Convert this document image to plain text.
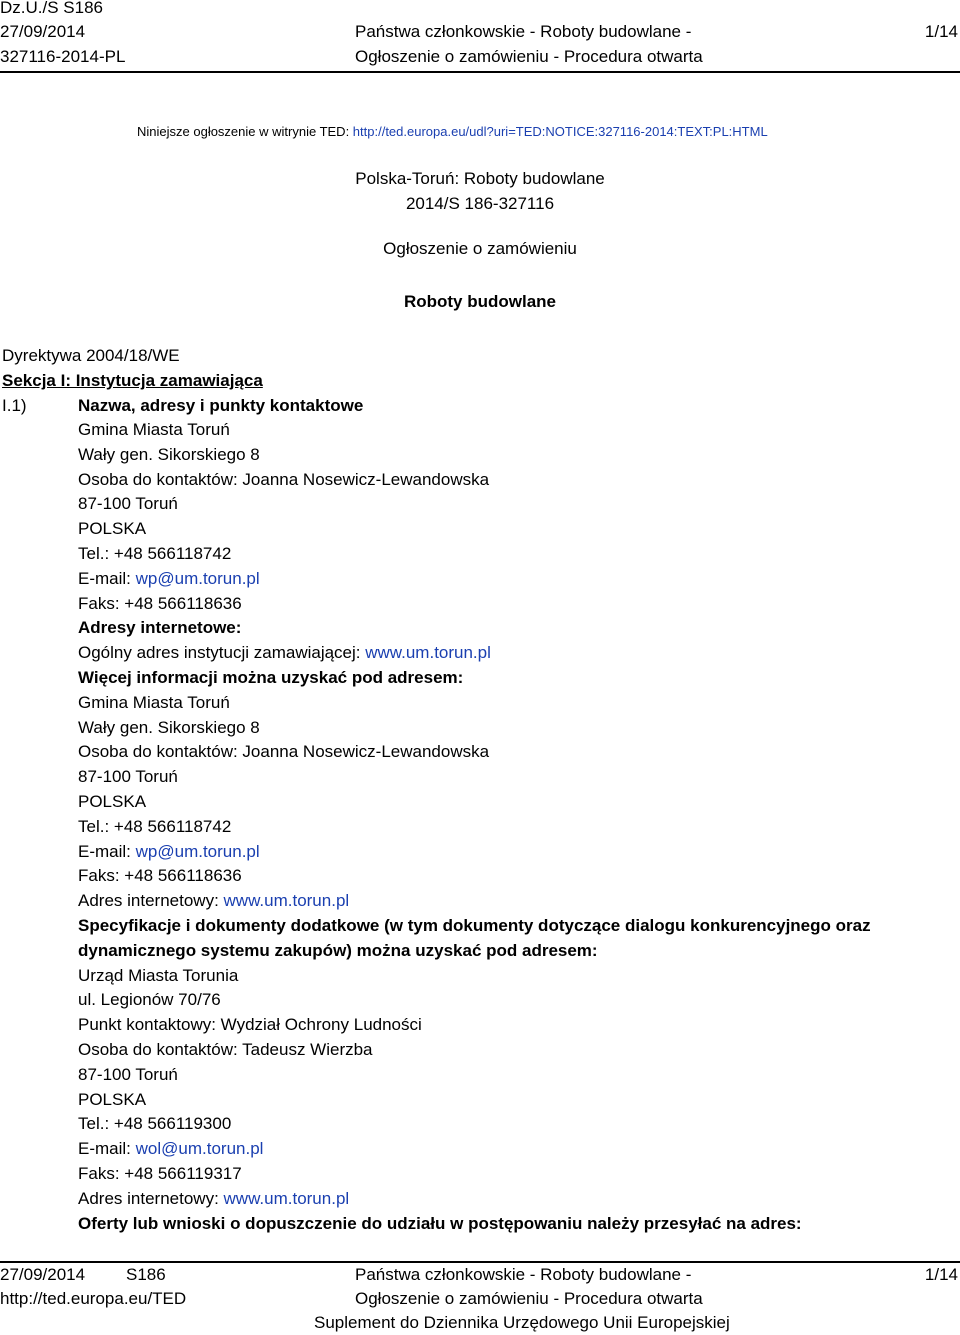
Dz.U./S S186
27/09/2014
327116-2014-PL
Państwa członkowskie - Roboty budowlane -
Ogłoszenie o zamówieniu - Procedura otwarta
1/14
Niniejsze ogłoszenie w witrynie TED: http://ted.europa.eu/udl?uri=TED:NOTICE:327116-2014:TEXT:PL:HTML
Polska-Toruń: Roboty budowlane
2014/S 186-327116
Ogłoszenie o zamówieniu
Roboty budowlane
Dyrektywa 2004/18/WE
Sekcja I: Instytucja zamawiająca
I.1)	Nazwa, adresy i punkty kontaktowe
Gmina Miasta Toruń
Wały gen. Sikorskiego 8
Osoba do kontaktów: Joanna Nosewicz-Lewandowska
87-100 Toruń
POLSKA
Tel.: +48 566118742
E-mail: wp@um.torun.pl
Faks: +48 566118636
Adresy internetowe:
Ogólny adres instytucji zamawiającej: www.um.torun.pl
Więcej informacji można uzyskać pod adresem:
Gmina Miasta Toruń
Wały gen. Sikorskiego 8
Osoba do kontaktów: Joanna Nosewicz-Lewandowska
87-100 Toruń
POLSKA
Tel.: +48 566118742
E-mail: wp@um.torun.pl
Faks: +48 566118636
Adres internetowy: www.um.torun.pl
Specyfikacje i dokumenty dodatkowe (w tym dokumenty dotyczące dialogu konkurencyjnego oraz dynamicznego systemu zakupów) można uzyskać pod adresem:
Urząd Miasta Torunia
ul. Legionów 70/76
Punkt kontaktowy: Wydział Ochrony Ludności
Osoba do kontaktów: Tadeusz Wierzba
87-100 Toruń
POLSKA
Tel.: +48 566119300
E-mail: wol@um.torun.pl
Faks: +48 566119317
Adres internetowy: www.um.torun.pl
Oferty lub wnioski o dopuszczenie do udziału w postępowaniu należy przesyłać na adres:
27/09/2014 S186
http://ted.europa.eu/TED
Państwa członkowskie - Roboty budowlane -
Ogłoszenie o zamówieniu - Procedura otwarta
Suplement do Dziennika Urzędowego Unii Europejskiej
1/14
